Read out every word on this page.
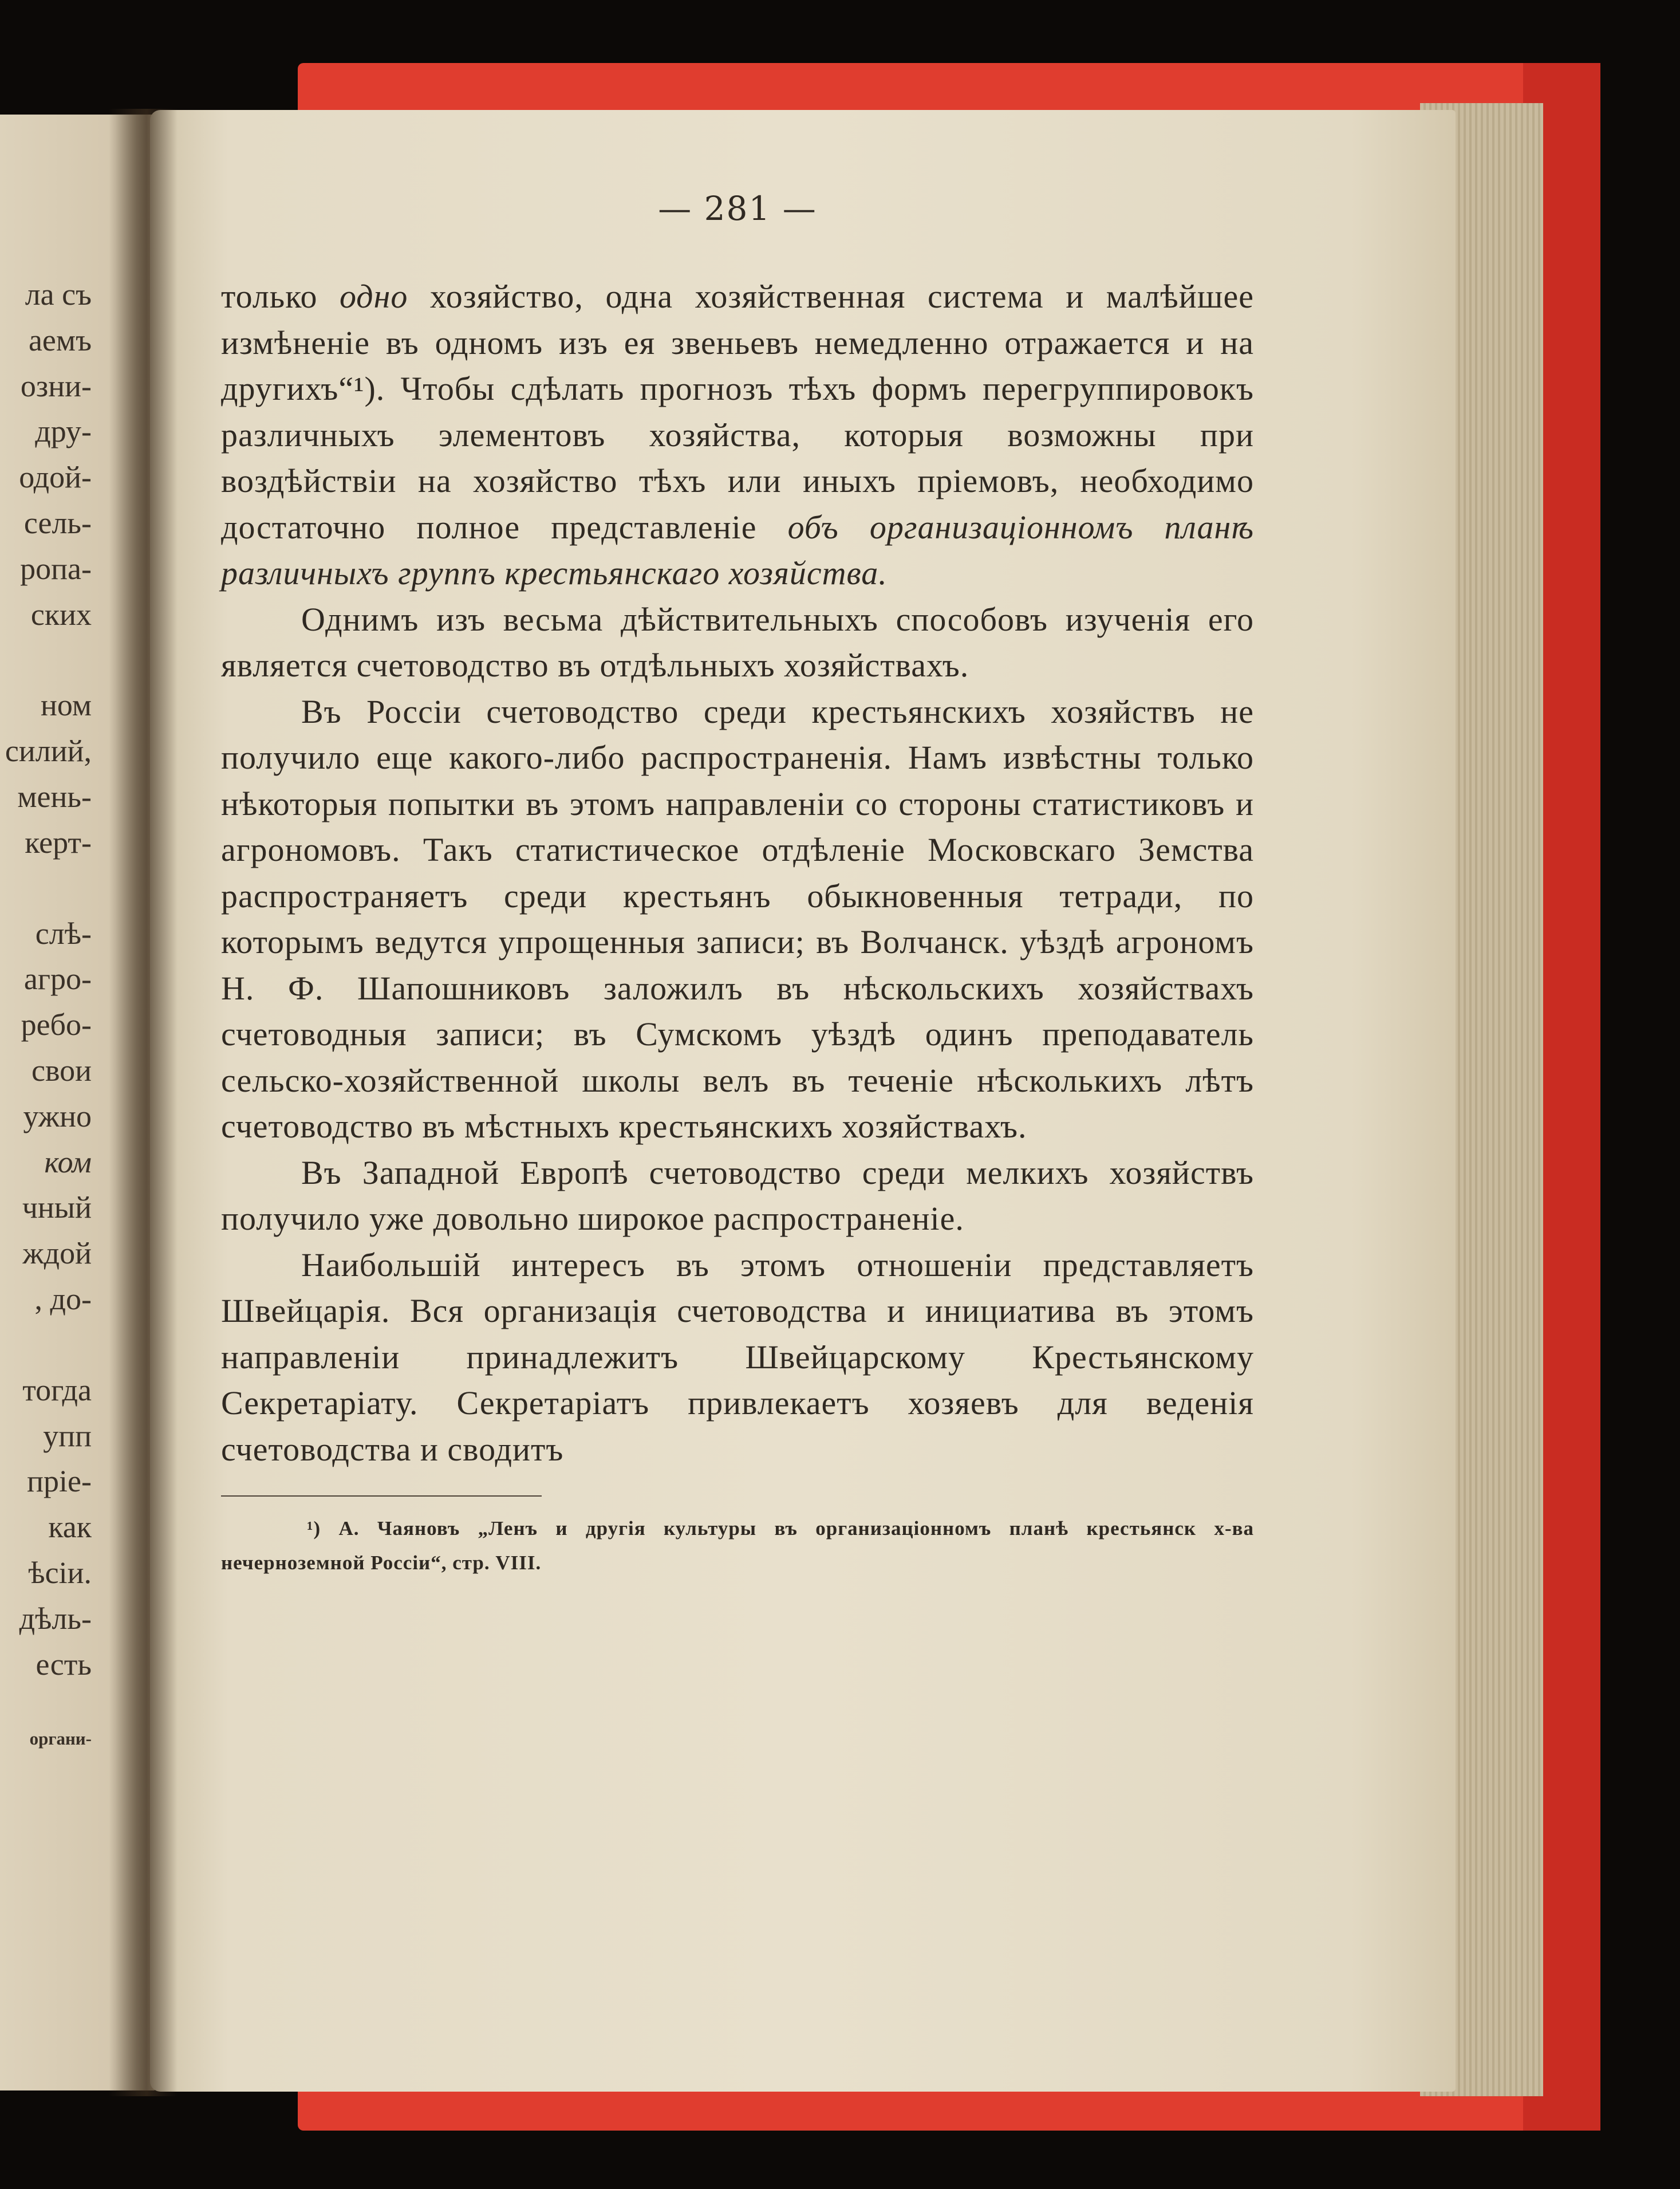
ла съ
аемъ
озни-
дру-
одой-
сель-
ропа-
ских
ном
силий,
мень-
керт-
слѣ-
агро-
ребо-
свои
ужно
ком
чный
ждой
, до-
тогда
упп
прiе-
как
ѣсiи.
дѣль-
есть
органи-
— 281 —

только одно хозяйство, одна хозяйственная система и малѣйшее измѣненiе въ одномъ изъ ея звеньевъ немедленно отражается и на другихъ“¹). Чтобы сдѣлать прогнозъ тѣхъ формъ перегруппировокъ различныхъ элементовъ хозяйства, которыя возможны при воздѣйствiи на хозяйство тѣхъ или иныхъ прiемовъ, необходимо достаточно полное представленiе объ организацiонномъ планѣ различныхъ группъ крестьянскаго хозяйства.

Однимъ изъ весьма дѣйствительныхъ способовъ изученiя его является счетоводство въ отдѣльныхъ хозяйствахъ.

Въ Россiи счетоводство среди крестьянскихъ хозяйствъ не получило еще какого-либо распространенiя. Намъ извѣстны только нѣкоторыя попытки въ этомъ направленiи со стороны статистиковъ и агрономовъ. Такъ статистическое отдѣленiе Московскаго Земства распространяетъ среди крестьянъ обыкновенныя тетради, по которымъ ведутся упрощенныя записи; въ Волчанск. уѣздѣ агрономъ Н. Ф. Шапошниковъ заложилъ въ нѣскольскихъ хозяйствахъ счетоводныя записи; въ Сумскомъ уѣздѣ одинъ преподаватель сельско-хозяйственной школы велъ въ теченiе нѣсколькихъ лѣтъ счетоводство въ мѣстныхъ крестьянскихъ хозяйствахъ.

Въ Западной Европѣ счетоводство среди мелкихъ хозяйствъ получило уже довольно широкое распространенiе.

Наибольшiй интересъ въ этомъ отношенiи представляетъ Швейцарiя. Вся организацiя счетоводства и инициатива въ этомъ направленiи принадлежитъ Швейцарскому Крестьянскому Секретарiату. Секретарiатъ привлекаетъ хозяевъ для веденiя счетоводства и сводитъ

¹) А. Чаяновъ „Ленъ и другiя культуры въ организацiонномъ планѣ крестьянск х-ва нечерноземной Россiи“, стр. VIII.
